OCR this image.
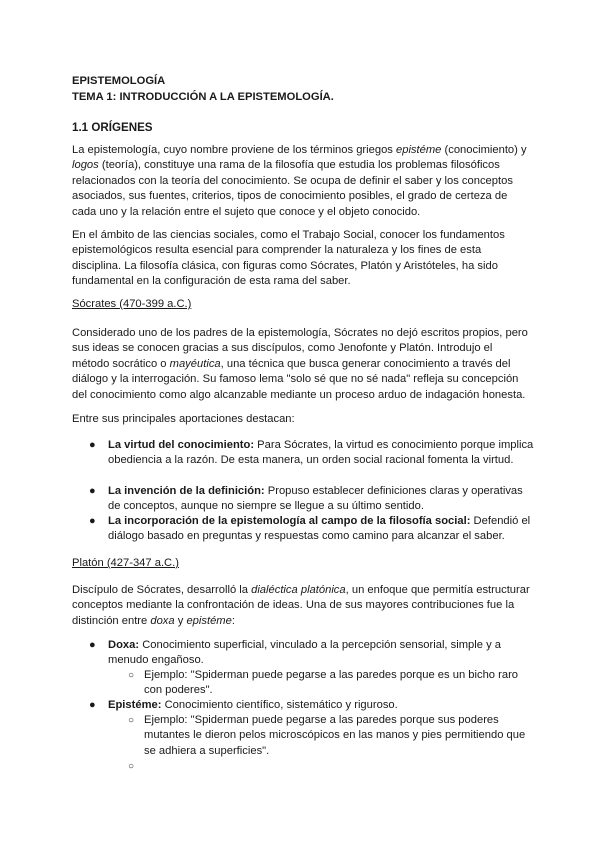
EPISTEMOLOGÍA
TEMA 1: INTRODUCCIÓN A LA EPISTEMOLOGÍA.
1.1 ORÍGENES

La epistemología, cuyo nombre proviene de los términos griegos epistéme (conocimiento) y logos (teoría), constituye una rama de la filosofía que estudia los problemas filosóficos relacionados con la teoría del conocimiento. Se ocupa de definir el saber y los conceptos asociados, sus fuentes, criterios, tipos de conocimiento posibles, el grado de certeza de cada uno y la relación entre el sujeto que conoce y el objeto conocido.

En el ámbito de las ciencias sociales, como el Trabajo Social, conocer los fundamentos epistemológicos resulta esencial para comprender la naturaleza y los fines de esta disciplina. La filosofía clásica, con figuras como Sócrates, Platón y Aristóteles, ha sido fundamental en la configuración de esta rama del saber.

Sócrates (470-399 a.C.)

Considerado uno de los padres de la epistemología, Sócrates no dejó escritos propios, pero sus ideas se conocen gracias a sus discípulos, como Jenofonte y Platón. Introdujo el método socrático o mayéutica, una técnica que busca generar conocimiento a través del diálogo y la interrogación. Su famoso lema "solo sé que no sé nada" refleja su concepción del conocimiento como algo alcanzable mediante un proceso arduo de indagación honesta.

Entre sus principales aportaciones destacan:

● La virtud del conocimiento: Para Sócrates, la virtud es conocimiento porque implica obediencia a la razón. De esta manera, un orden social racional fomenta la virtud.
● La invención de la definición: Propuso establecer definiciones claras y operativas de conceptos, aunque no siempre se llegue a su último sentido.
● La incorporación de la epistemología al campo de la filosofía social: Defendió el diálogo basado en preguntas y respuestas como camino para alcanzar el saber.
Platón (427-347 a.C.)

Discípulo de Sócrates, desarrolló la dialéctica platónica, un enfoque que permitía estructurar conceptos mediante la confrontación de ideas. Una de sus mayores contribuciones fue la distinción entre doxa y epistéme:

● Doxa: Conocimiento superficial, vinculado a la percepción sensorial, simple y a menudo engañoso.
○ Ejemplo: "Spiderman puede pegarse a las paredes porque es un bicho raro con poderes".
● Epistéme: Conocimiento científico, sistemático y riguroso.
○ Ejemplo: "Spiderman puede pegarse a las paredes porque sus poderes mutantes le dieron pelos microscópicos en las manos y pies permitiendo que se adhiera a superficies".
○
